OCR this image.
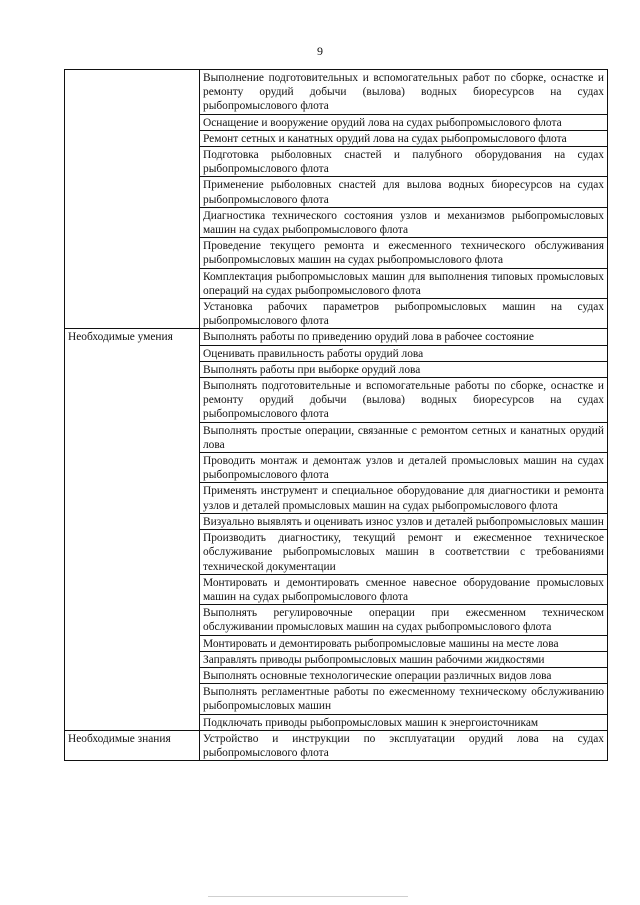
9
	Выполнение подготовительных и вспомогательных работ по сборке, оснастке и ремонту орудий добычи (вылова) водных биоресурсов на судах рыбопромыслового флота
	Оснащение и вооружение орудий лова на судах рыбопромыслового флота
	Ремонт сетных и канатных орудий лова на судах рыбопромыслового флота
	Подготовка рыболовных снастей и палубного оборудования на судах рыбопромыслового флота
	Применение рыболовных снастей для вылова водных биоресурсов на судах рыбопромыслового флота
	Диагностика технического состояния узлов и механизмов рыбопромысловых машин на судах рыбопромыслового флота
	Проведение текущего ремонта и ежесменного технического обслуживания рыбопромысловых машин на судах рыбопромыслового флота
	Комплектация рыбопромысловых машин для выполнения типовых промысловых операций на судах рыбопромыслового флота
	Установка рабочих параметров рыбопромысловых машин на судах рыбопромыслового флота
Необходимые умения	Выполнять работы по приведению орудий лова в рабочее состояние
	Оценивать правильность работы орудий лова
	Выполнять работы при выборке орудий лова
	Выполнять подготовительные и вспомогательные работы по сборке, оснастке и ремонту орудий добычи (вылова) водных биоресурсов на судах рыбопромыслового флота
	Выполнять простые операции, связанные с ремонтом сетных и канатных орудий лова
	Проводить монтаж и демонтаж узлов и деталей промысловых машин на судах рыбопромыслового флота
	Применять инструмент и специальное оборудование для диагностики и ремонта узлов и деталей промысловых машин на судах рыбопромыслового флота
	Визуально выявлять и оценивать износ узлов и деталей рыбопромысловых машин
	Производить диагностику, текущий ремонт и ежесменное техническое обслуживание рыбопромысловых машин в соответствии с требованиями технической документации
	Монтировать и демонтировать сменное навесное оборудование промысловых машин на судах рыбопромыслового флота
	Выполнять регулировочные операции при ежесменном техническом обслуживании промысловых машин на судах рыбопромыслового флота
	Монтировать и демонтировать рыбопромысловые машины на месте лова
	Заправлять приводы рыбопромысловых машин рабочими жидкостями
	Выполнять основные технологические операции различных видов лова
	Выполнять регламентные работы по ежесменному техническому обслуживанию рыбопромысловых машин
	Подключать приводы рыбопромысловых машин к энергоисточникам
Необходимые знания	Устройство и инструкции по эксплуатации орудий лова на судах рыбопромыслового флота
